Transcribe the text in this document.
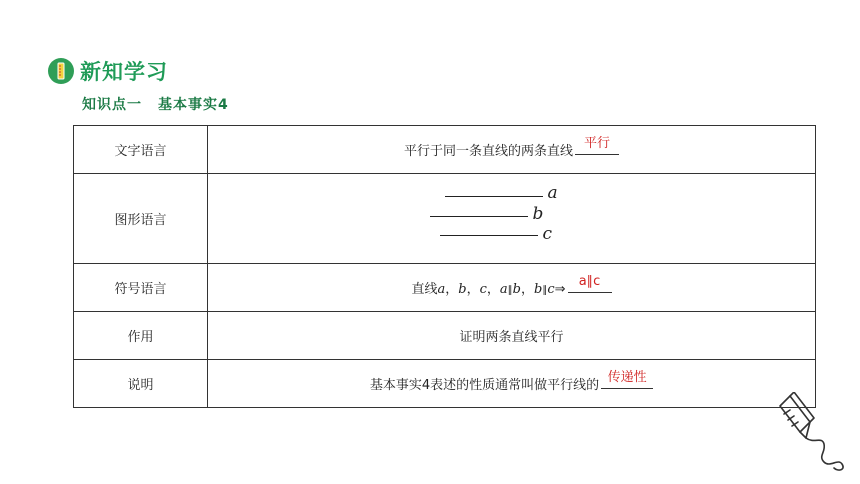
新知学习
知识点一 基本事实4
文字语言	平行于同一条直线的两条直线
平行

图形语言	a
b
c

符号语言	直线a，b，c，a∥b，b∥c⇒
a∥c

作用	证明两条直线平行
说明	基本事实4表述的性质通常叫做平行线的
传递性
